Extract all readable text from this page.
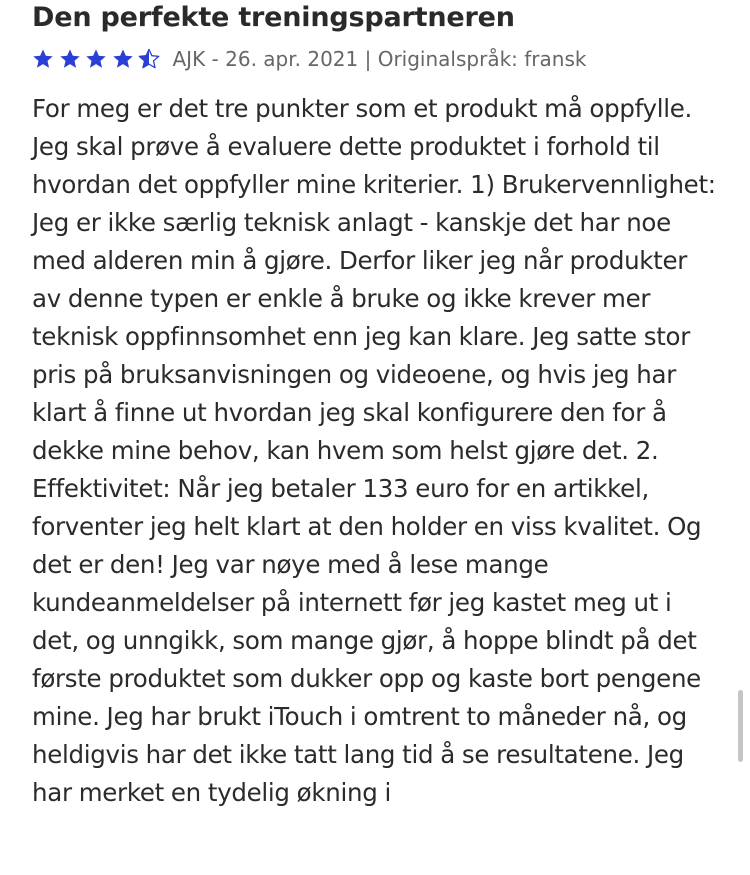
Den perfekte treningspartneren
AJK - 26. apr. 2021 | Originalspråk: fransk

For meg er det tre punkter som et produkt må oppfylle. Jeg skal prøve å evaluere dette produktet i forhold til hvordan det oppfyller mine kriterier. 1) Brukervennlighet: Jeg er ikke særlig teknisk anlagt - kanskje det har noe med alderen min å gjøre. Derfor liker jeg når produkter av denne typen er enkle å bruke og ikke krever mer teknisk oppfinnsomhet enn jeg kan klare. Jeg satte stor pris på bruksanvisningen og videoene, og hvis jeg har klart å finne ut hvordan jeg skal konfigurere den for å dekke mine behov, kan hvem som helst gjøre det. 2. Effektivitet: Når jeg betaler 133 euro for en artikkel, forventer jeg helt klart at den holder en viss kvalitet. Og det er den! Jeg var nøye med å lese mange kundeanmeldelser på internett før jeg kastet meg ut i det, og unngikk, som mange gjør, å hoppe blindt på det første produktet som dukker opp og kaste bort pengene mine. Jeg har brukt iTouch i omtrent to måneder nå, og heldigvis har det ikke tatt lang tid å se resultatene. Jeg har merket en tydelig økning i
